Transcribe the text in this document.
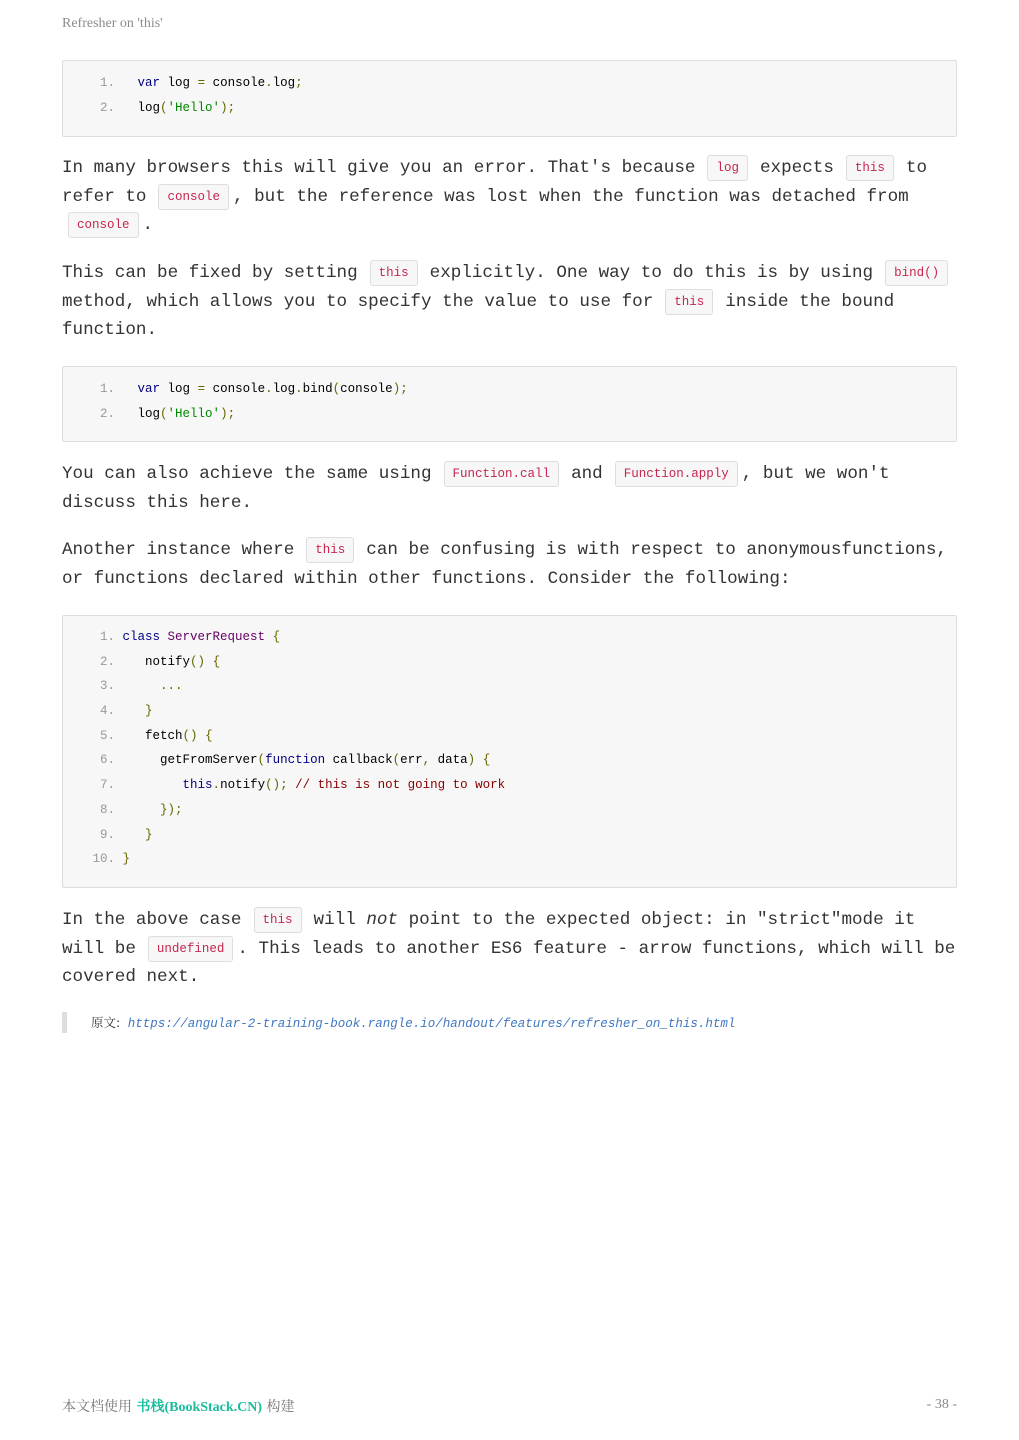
Refresher on 'this'
1.	var log = console.log;
2. log('Hello');

In many browsers this will give you an error. That's because log expects this to refer to console , but the reference was lost when the function was detached from console .

This can be fixed by setting this explicitly. One way to do this is by using bind() method, which allows you to specify the value to use for this inside the bound function.

1.	var log = console.log.bind(console);
2. log('Hello');

You can also achieve the same using Function.call and Function.apply , but we won't discuss this here.

Another instance where this can be confusing is with respect to anonymousfunctions, or functions declared within other functions. Consider the following:

1. class ServerRequest {
2. notify() {
3.	...
4.	}
5. fetch() {
6. getFromServer(function callback(err, data) {
7.	this.notify(); // this is not going to work
8.	});
9.	}
10. }

In the above case this will not point to the expected object: in "strict"mode it will be undefined . This leads to another ES6 feature - arrow functions, which will be covered next.

原文: https://angular-2-training-book.rangle.io/handout/features/refresher_on_this.html
本文档使用 书栈(BookStack.CN) 构建	- 38 -
